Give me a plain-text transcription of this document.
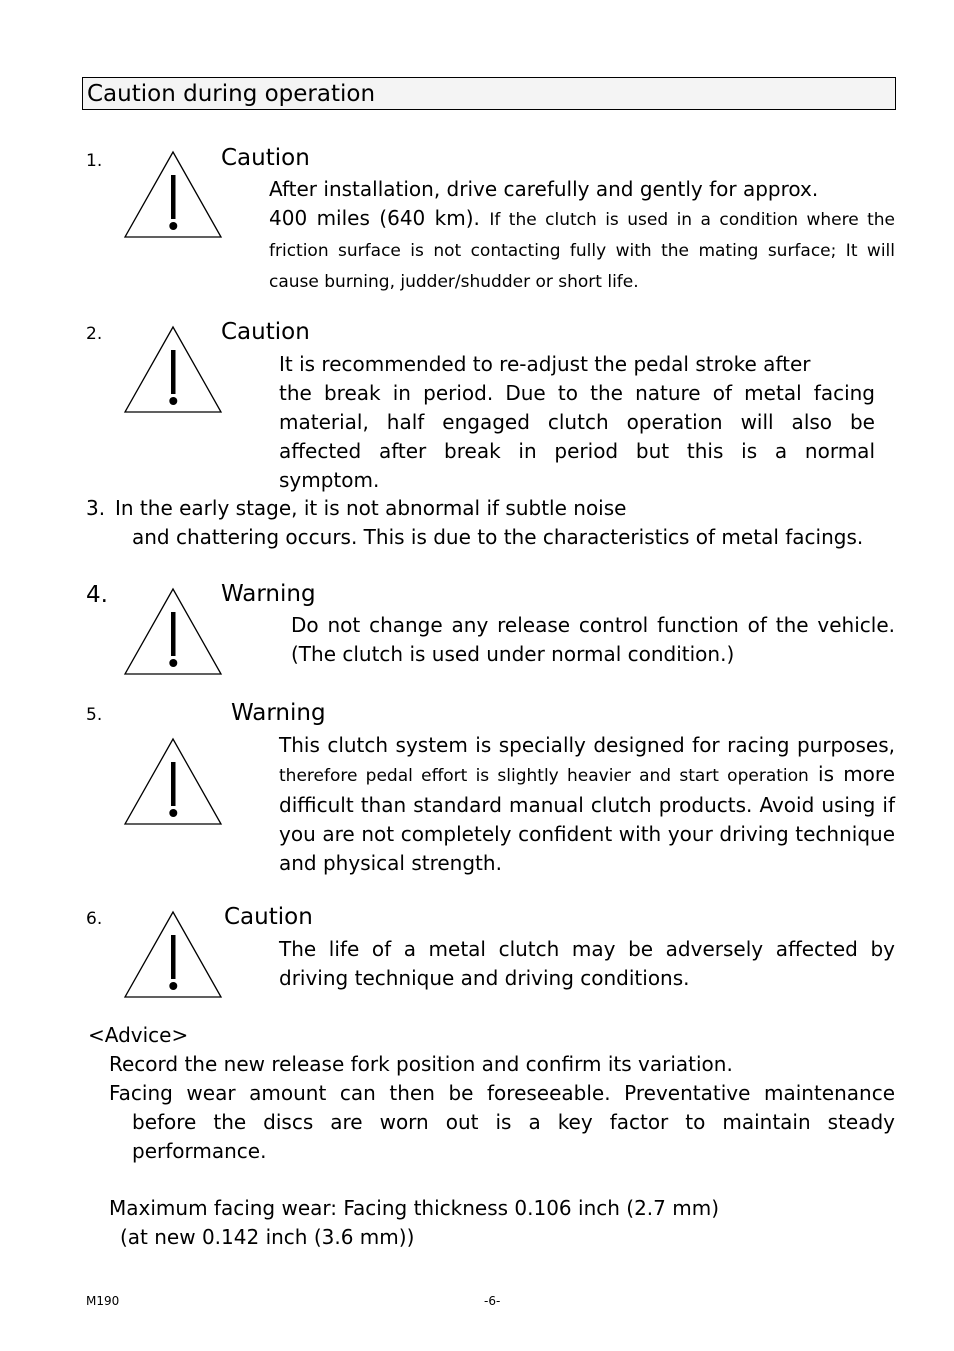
Caution during operation
1.	Caution

After installation, drive carefully and gently for approx.

400 miles (640 km). If the clutch is used in a condition where the friction surface is not contacting fully with the mating surface; It will cause burning, judder/shudder or short life.

2.	Caution

It is recommended to re-adjust the pedal stroke after

the break in period. Due to the nature of metal facing material, half engaged clutch operation will also be affected after break in period but this is a normal symptom.

3. In the early stage, it is not abnormal if subtle noise
and chattering occurs. This is due to the characteristics of metal facings.
4.	Warning
Do not change any release control function of the vehicle. (The clutch is used under normal condition.)
5.	Warning

This clutch system is specially designed for racing purposes,

therefore pedal effort is slightly heavier and start operation is more difficult than standard manual clutch products. Avoid using if you are not completely confident with your driving technique and physical strength.

6.	Caution
The life of a metal clutch may be adversely affected by driving technique and driving conditions.
<Advice>
Record the new release fork position and confirm its variation.
Facing wear amount can then be foreseeable. Preventative maintenance before the discs are worn out is a key factor to maintain steady performance.
Maximum facing wear: Facing thickness 0.106 inch (2.7 mm)
(at new 0.142 inch (3.6 mm))
M190	-6-
